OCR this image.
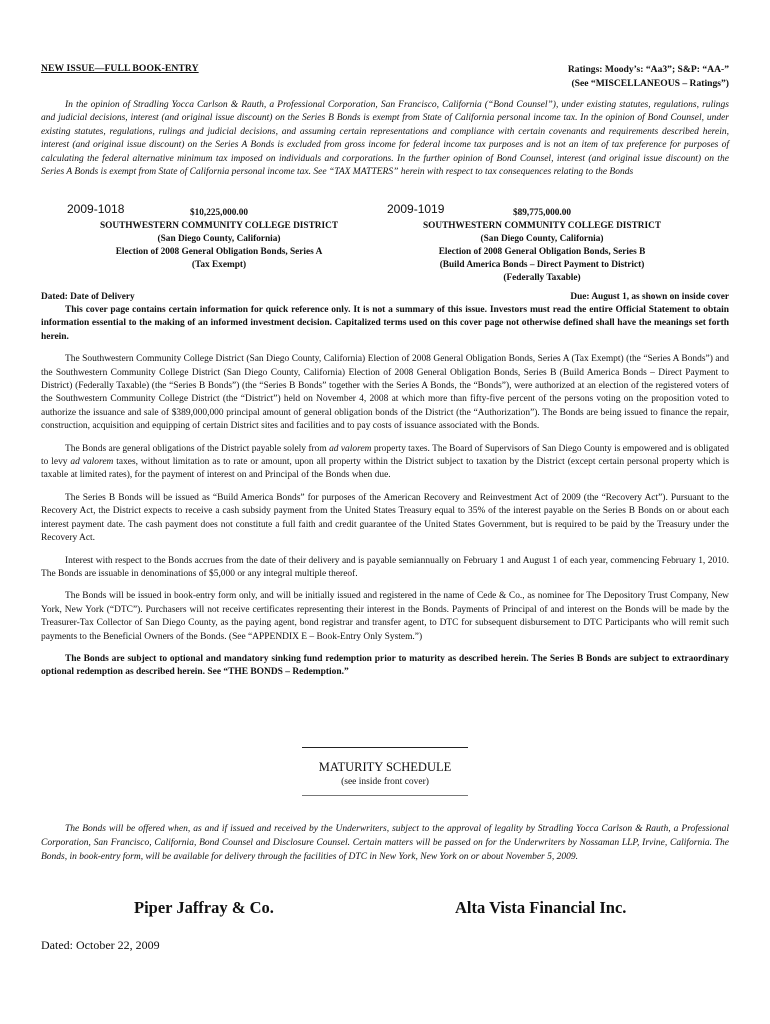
NEW ISSUE—FULL BOOK-ENTRY	Ratings: Moody’s: “Aa3”; S&P: “AA-”
(See “MISCELLANEOUS – Ratings”)

In the opinion of Stradling Yocca Carlson & Rauth, a Professional Corporation, San Francisco, California (“Bond Counsel”), under existing statutes, regulations, rulings and judicial decisions, interest (and original issue discount) on the Series B Bonds is exempt from State of California personal income tax. In the opinion of Bond Counsel, under existing statutes, regulations, rulings and judicial decisions, and assuming certain representations and compliance with certain covenants and requirements described herein, interest (and original issue discount) on the Series A Bonds is excluded from gross income for federal income tax purposes and is not an item of tax preference for purposes of calculating the federal alternative minimum tax imposed on individuals and corporations. In the further opinion of Bond Counsel, interest (and original issue discount) on the Series A Bonds is exempt from State of California personal income tax. See “TAX MATTERS” herein with respect to tax consequences relating to the Bonds

2009-1018	$10,225,000.00
SOUTHWESTERN COMMUNITY COLLEGE DISTRICT
(San Diego County, California)
Election of 2008 General Obligation Bonds, Series A
(Tax Exempt)
2009-1019	$89,775,000.00
SOUTHWESTERN COMMUNITY COLLEGE DISTRICT
(San Diego County, California)
Election of 2008 General Obligation Bonds, Series B
(Build America Bonds – Direct Payment to District)
(Federally Taxable)
Dated: Date of Delivery	Due: August 1, as shown on inside cover

This cover page contains certain information for quick reference only. It is not a summary of this issue. Investors must read the entire Official Statement to obtain information essential to the making of an informed investment decision. Capitalized terms used on this cover page not otherwise defined shall have the meanings set forth herein.

The Southwestern Community College District (San Diego County, California) Election of 2008 General Obligation Bonds, Series A (Tax Exempt) (the “Series A Bonds”) and the Southwestern Community College District (San Diego County, California) Election of 2008 General Obligation Bonds, Series B (Build America Bonds – Direct Payment to District) (Federally Taxable) (the “Series B Bonds”) (the “Series B Bonds” together with the Series A Bonds, the “Bonds”), were authorized at an election of the registered voters of the Southwestern Community College District (the “District”) held on November 4, 2008 at which more than fifty-five percent of the persons voting on the proposition voted to authorize the issuance and sale of $389,000,000 principal amount of general obligation bonds of the District (the “Authorization”). The Bonds are being issued to finance the repair, construction, acquisition and equipping of certain District sites and facilities and to pay costs of issuance associated with the Bonds.

The Bonds are general obligations of the District payable solely from ad valorem property taxes. The Board of Supervisors of San Diego County is empowered and is obligated to levy ad valorem taxes, without limitation as to rate or amount, upon all property within the District subject to taxation by the District (except certain personal property which is taxable at limited rates), for the payment of interest on and Principal of the Bonds when due.

The Series B Bonds will be issued as “Build America Bonds” for purposes of the American Recovery and Reinvestment Act of 2009 (the “Recovery Act”). Pursuant to the Recovery Act, the District expects to receive a cash subsidy payment from the United States Treasury equal to 35% of the interest payable on the Series B Bonds on or about each interest payment date. The cash payment does not constitute a full faith and credit guarantee of the United States Government, but is required to be paid by the Treasury under the Recovery Act.

Interest with respect to the Bonds accrues from the date of their delivery and is payable semiannually on February 1 and August 1 of each year, commencing February 1, 2010. The Bonds are issuable in denominations of $5,000 or any integral multiple thereof.

The Bonds will be issued in book-entry form only, and will be initially issued and registered in the name of Cede & Co., as nominee for The Depository Trust Company, New York, New York (“DTC”). Purchasers will not receive certificates representing their interest in the Bonds. Payments of Principal of and interest on the Bonds will be made by the Treasurer-Tax Collector of San Diego County, as the paying agent, bond registrar and transfer agent, to DTC for subsequent disbursement to DTC Participants who will remit such payments to the Beneficial Owners of the Bonds. (See “APPENDIX E – Book-Entry Only System.”)

The Bonds are subject to optional and mandatory sinking fund redemption prior to maturity as described herein. The Series B Bonds are subject to extraordinary optional redemption as described herein. See “THE BONDS – Redemption.”

MATURITY SCHEDULE
(see inside front cover)

The Bonds will be offered when, as and if issued and received by the Underwriters, subject to the approval of legality by Stradling Yocca Carlson & Rauth, a Professional Corporation, San Francisco, California, Bond Counsel and Disclosure Counsel. Certain matters will be passed on for the Underwriters by Nossaman LLP, Irvine, California. The Bonds, in book-entry form, will be available for delivery through the facilities of DTC in New York, New York on or about November 5, 2009.

Piper Jaffray & Co.	Alta Vista Financial Inc.
Dated: October 22, 2009
